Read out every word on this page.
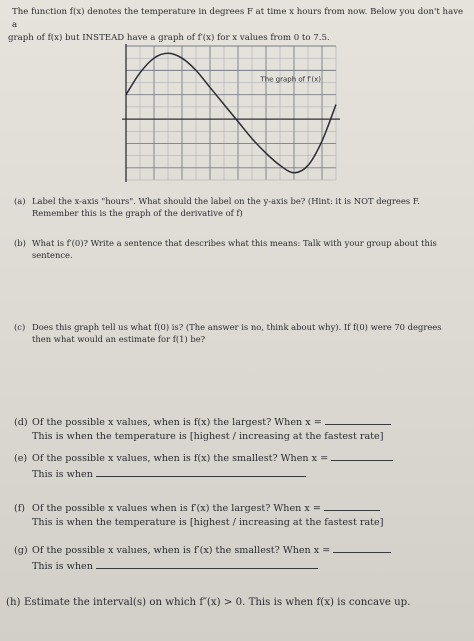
The function f(x) denotes the temperature in degrees F at time x hours from now. Below you don't have a
graph of f(x) but INSTEAD have a graph of f′(x) for x values from 0 to 7.5.
The graph of f′(x)
(a) Label the x-axis "hours". What should the label on the y-axis be? (Hint: it is NOT degrees F.
Remember this is the graph of the derivative of f)
(b) What is f′(0)? Write a sentence that describes what this means: Talk with your group about this
sentence.
(c) Does this graph tell us what f(0) is? (The answer is no, think about why). If f(0) were 70 degrees
then what would an estimate for f(1) be?
(d) Of the possible x values, when is f(x) the largest? When x =
This is when the temperature is [highest / increasing at the fastest rate]
(e) Of the possible x values, when is f(x) the smallest? When x =
This is when
(f) Of the possible x values when is f′(x) the largest? When x =
This is when the temperature is [highest / increasing at the fastest rate]
(g) Of the possible x values, when is f′(x) the smallest? When x =
This is when
(h) Estimate the interval(s) on which f″(x) > 0. This is when f(x) is concave up.
